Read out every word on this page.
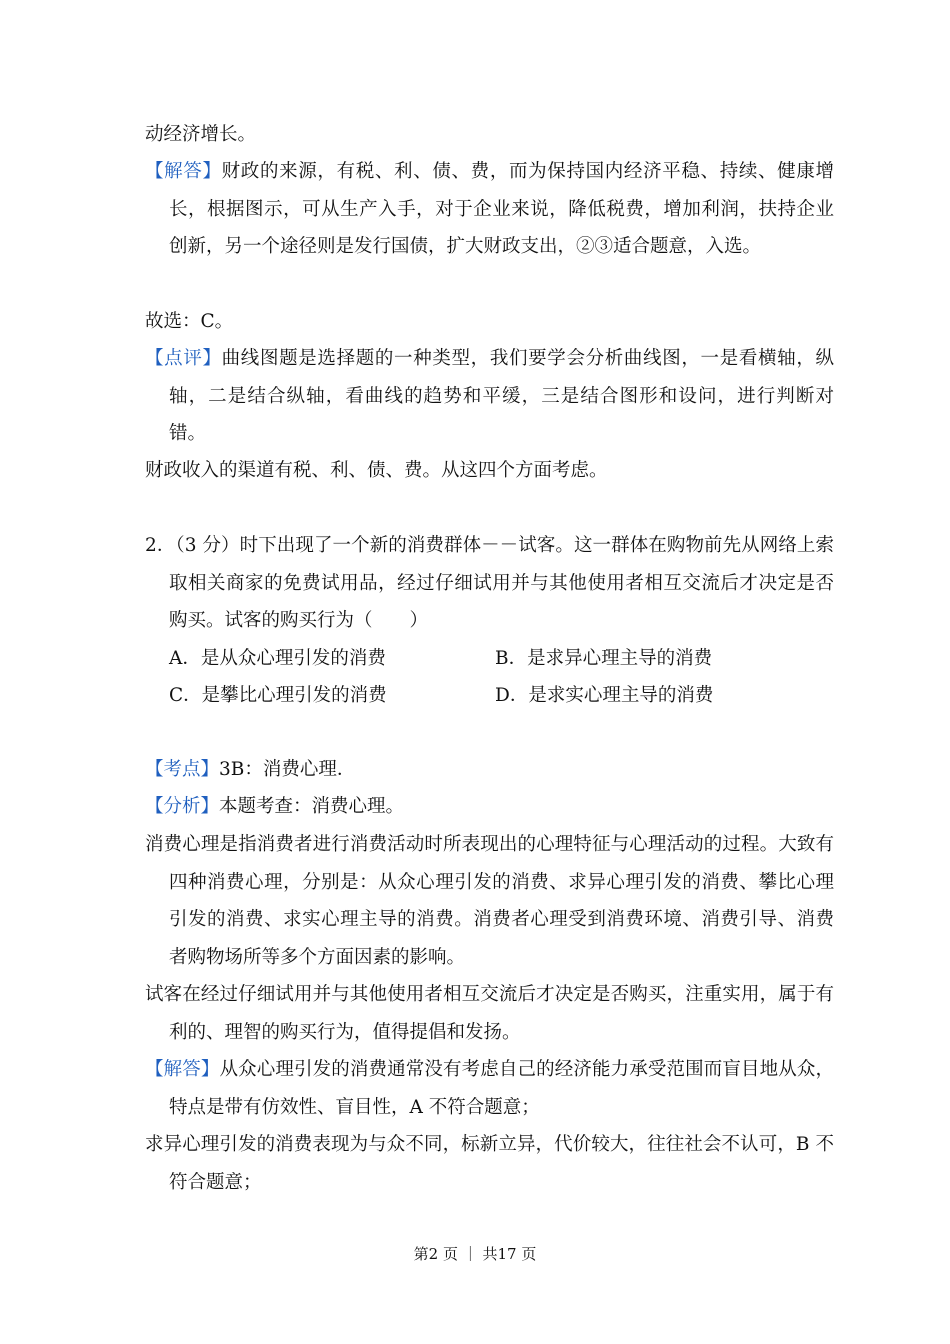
动经济增长。

【解答】财政的来源，有税、利、债、费，而为保持国内经济平稳、持续、健康增长，根据图示，可从生产入手，对于企业来说，降低税费，增加利润，扶持企业创新，另一个途径则是发行国债，扩大财政支出，②③适合题意，入选。

故选：C。

【点评】曲线图题是选择题的一种类型，我们要学会分析曲线图，一是看横轴，纵轴，二是结合纵轴，看曲线的趋势和平缓，三是结合图形和设问，进行判断对错。

财政收入的渠道有税、利、债、费。从这四个方面考虑。

2．（3 分）时下出现了一个新的消费群体－－试客。这一群体在购物前先从网络上索取相关商家的免费试用品，经过仔细试用并与其他使用者相互交流后才决定是否购买。试客的购买行为（　　）

A．是从众心理引发的消费	B．是求异心理主导的消费
C．是攀比心理引发的消费	D．是求实心理主导的消费

【考点】3B：消费心理．

【分析】本题考查：消费心理。

消费心理是指消费者进行消费活动时所表现出的心理特征与心理活动的过程。大致有四种消费心理，分别是：从众心理引发的消费、求异心理引发的消费、攀比心理引发的消费、求实心理主导的消费。消费者心理受到消费环境、消费引导、消费者购物场所等多个方面因素的影响。

试客在经过仔细试用并与其他使用者相互交流后才决定是否购买，注重实用，属于有利的、理智的购买行为，值得提倡和发扬。

【解答】从众心理引发的消费通常没有考虑自己的经济能力承受范围而盲目地从众，特点是带有仿效性、盲目性，A 不符合题意；

求异心理引发的消费表现为与众不同，标新立异，代价较大，往往社会不认可，B 不符合题意；

第2 页 ｜ 共17 页
